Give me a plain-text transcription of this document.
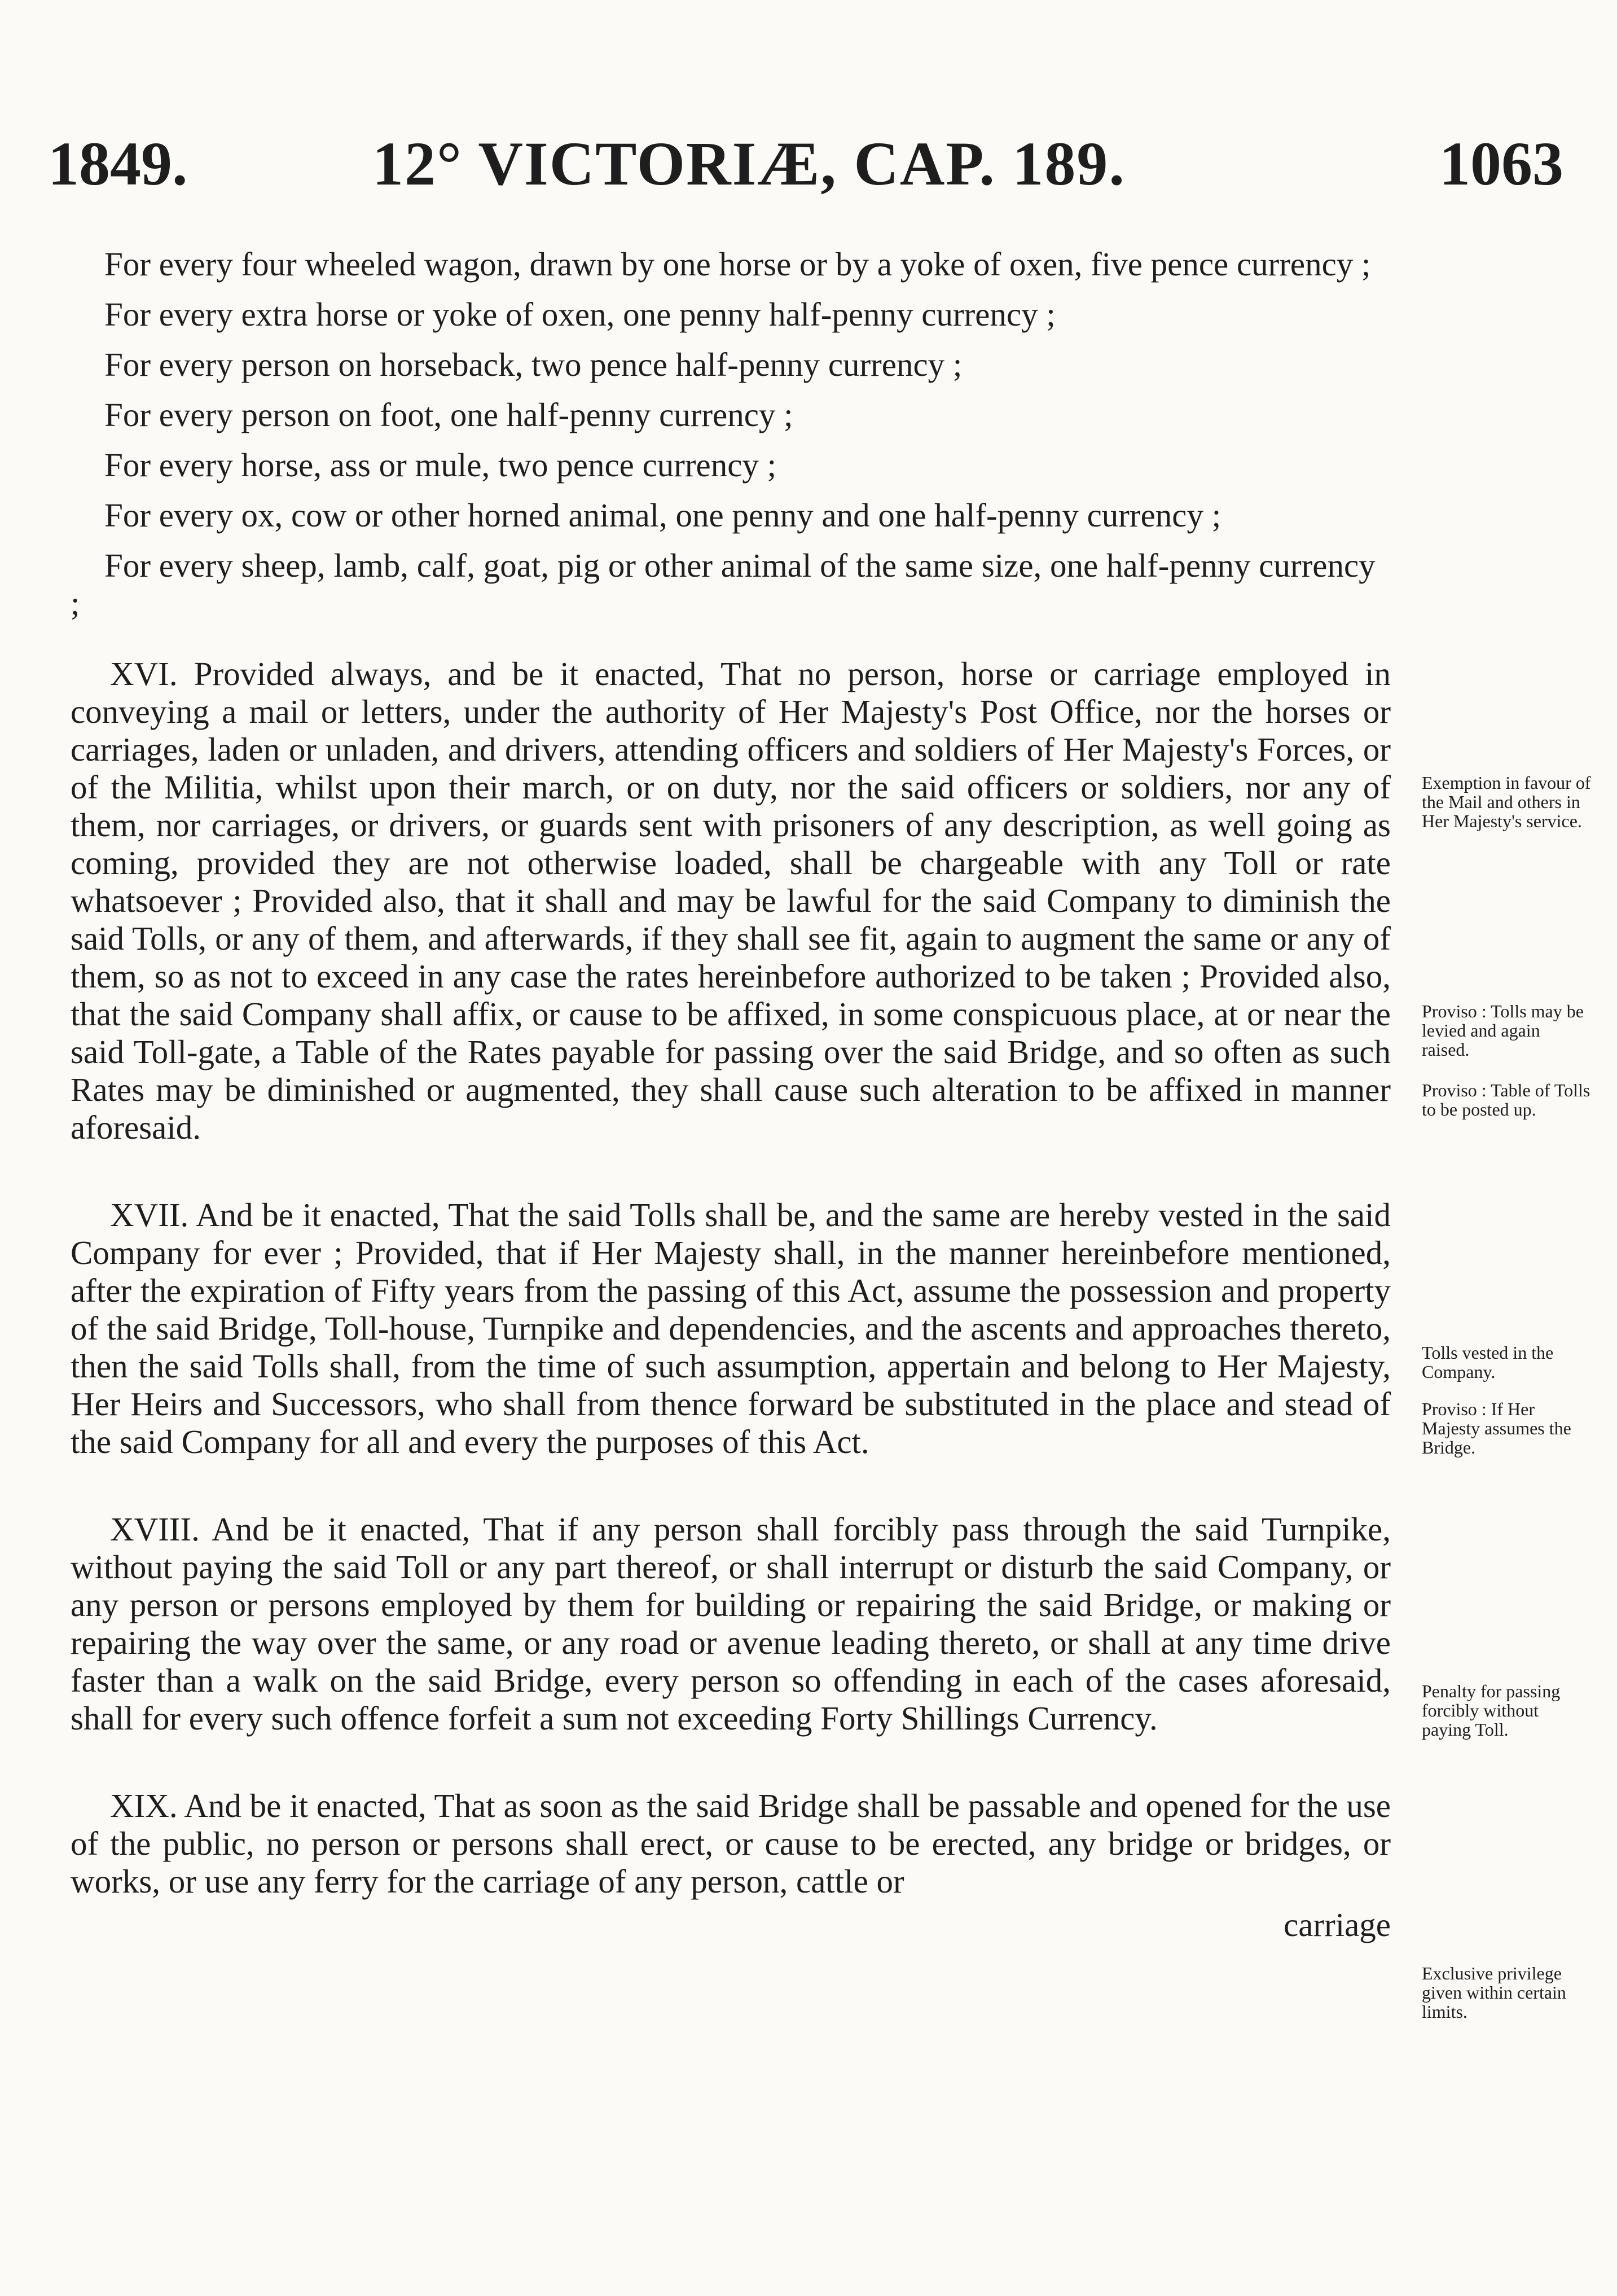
1849.	12° VICTORIÆ, CAP. 189.	1063

For every four wheeled wagon, drawn by one horse or by a yoke of oxen, five pence currency ;

For every extra horse or yoke of oxen, one penny half-penny currency ;

For every person on horseback, two pence half-penny currency ;

For every person on foot, one half-penny currency ;

For every horse, ass or mule, two pence currency ;

For every ox, cow or other horned animal, one penny and one half-penny currency ;

For every sheep, lamb, calf, goat, pig or other animal of the same size, one half-penny currency ;

XVI. Provided always, and be it enacted, That no person, horse or carriage employed in conveying a mail or letters, under the authority of Her Majesty's Post Office, nor the horses or carriages, laden or unladen, and drivers, attending officers and soldiers of Her Majesty's Forces, or of the Militia, whilst upon their march, or on duty, nor the said officers or soldiers, nor any of them, nor carriages, or drivers, or guards sent with prisoners of any description, as well going as coming, provided they are not otherwise loaded, shall be chargeable with any Toll or rate whatsoever ; Provided also, that it shall and may be lawful for the said Company to diminish the said Tolls, or any of them, and afterwards, if they shall see fit, again to augment the same or any of them, so as not to exceed in any case the rates hereinbefore authorized to be taken ; Provided also, that the said Company shall affix, or cause to be affixed, in some conspicuous place, at or near the said Toll-gate, a Table of the Rates payable for passing over the said Bridge, and so often as such Rates may be diminished or augmented, they shall cause such alteration to be affixed in manner aforesaid.

XVII. And be it enacted, That the said Tolls shall be, and the same are hereby vested in the said Company for ever ; Provided, that if Her Majesty shall, in the manner hereinbefore mentioned, after the expiration of Fifty years from the passing of this Act, assume the possession and property of the said Bridge, Toll-house, Turnpike and dependencies, and the ascents and approaches thereto, then the said Tolls shall, from the time of such assumption, appertain and belong to Her Majesty, Her Heirs and Successors, who shall from thence forward be substituted in the place and stead of the said Company for all and every the purposes of this Act.

XVIII. And be it enacted, That if any person shall forcibly pass through the said Turnpike, without paying the said Toll or any part thereof, or shall interrupt or disturb the said Company, or any person or persons employed by them for building or repairing the said Bridge, or making or repairing the way over the same, or any road or avenue leading thereto, or shall at any time drive faster than a walk on the said Bridge, every person so offending in each of the cases aforesaid, shall for every such offence forfeit a sum not exceeding Forty Shillings Currency.

XIX. And be it enacted, That as soon as the said Bridge shall be passable and opened for the use of the public, no person or persons shall erect, or cause to be erected, any bridge or bridges, or works, or use any ferry for the carriage of any person, cattle or

carriage

Exemption in favour of the Mail and others in Her Majesty's service.
Proviso : Tolls may be levied and again raised.
Proviso : Table of Tolls to be posted up.
Tolls vested in the Company.
Proviso : If Her Majesty assumes the Bridge.
Penalty for passing forcibly without paying Toll.
Exclusive privilege given within certain limits.
